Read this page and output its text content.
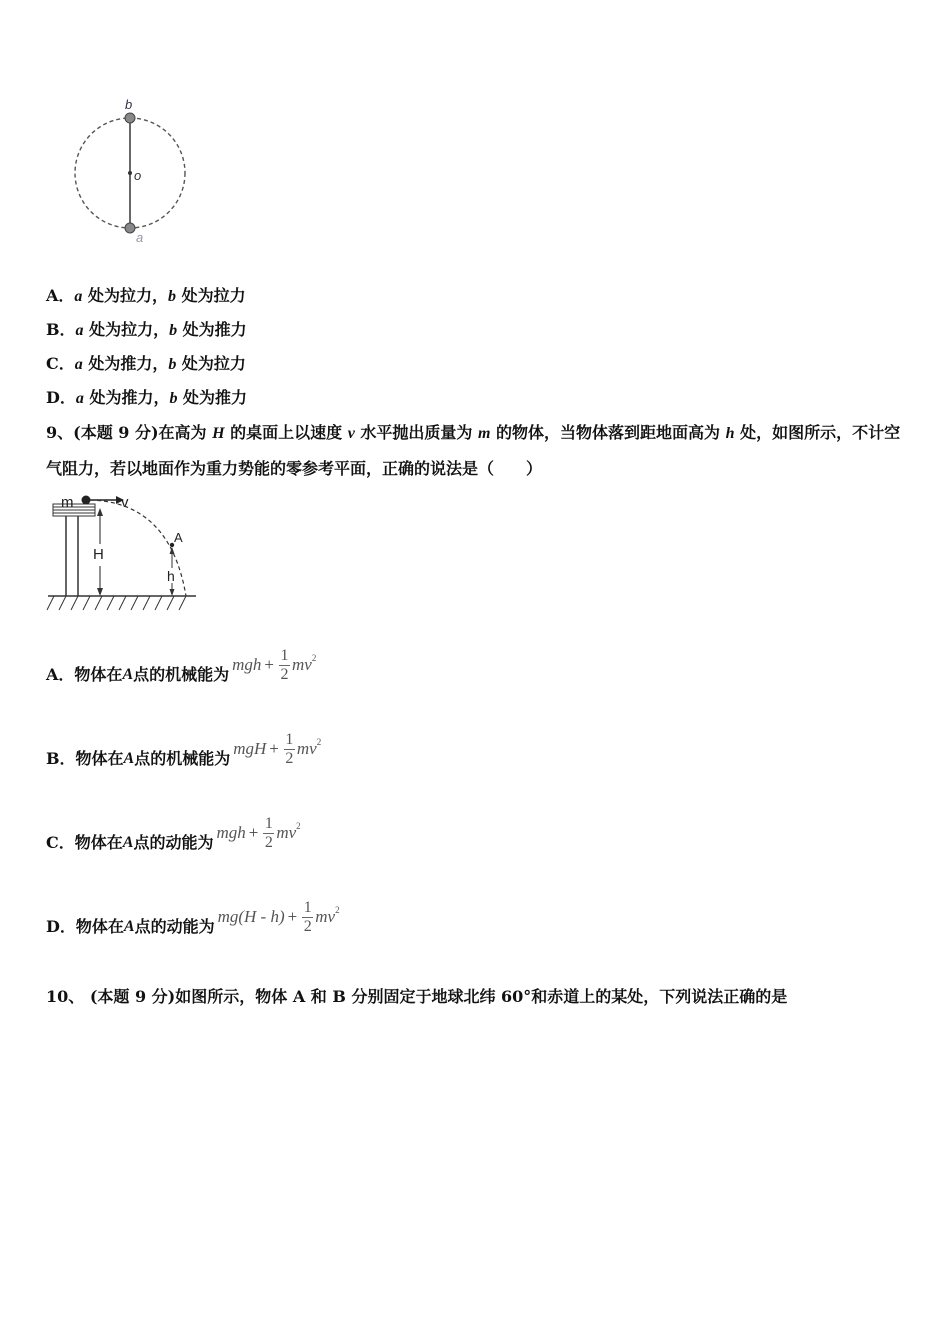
b
o
a
A．a 处为拉力，b 处为拉力
B．a 处为拉力，b 处为推力
C．a 处为推力，b 处为拉力
D．a 处为推力，b 处为推力
9、(本题 9 分)在高为 H 的桌面上以速度 v 水平抛出质量为 m 的物体，当物体落到距地面高为 h 处，如图所示，不计空
气阻力，若以地面作为重力势能的零参考平面，正确的说法是（　　）
m	v
H
A
h
A． 物体在 A 点的机械能为
mgh + $\frac{1}{2}$ mv 2
B． 物体在 A 点的机械能为
mgH + $\frac{1}{2}$ mv 2
C． 物体在 A 点的动能为
mgh + $\frac{1}{2}$ mv 2
D． 物体在 A 点的动能为
$mg(H - h) + \frac{1}{2}$ mv 2
10、 (本题 9 分)如图所示，物体 A 和 B 分别固定于地球北纬 60°和赤道上的某处，下列说法正确的是
